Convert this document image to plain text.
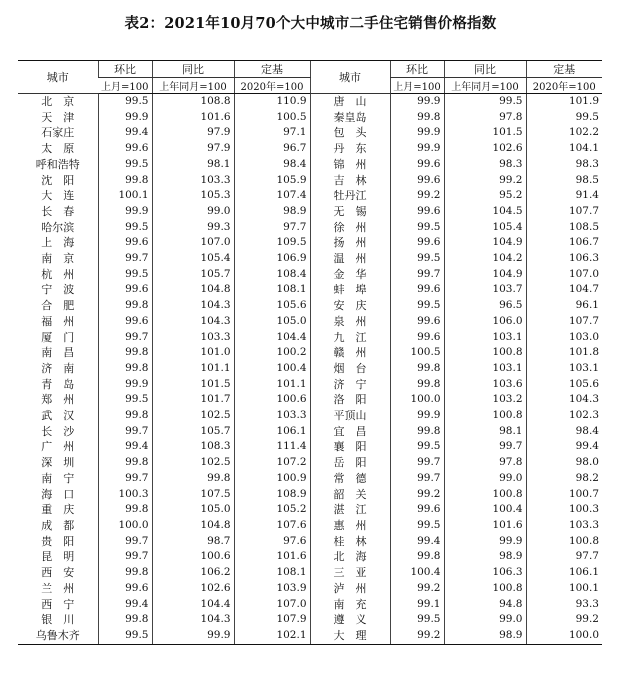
表2：2021年10月70个大中城市二手住宅销售价格指数
城市	环比	同比	定基	城市	环比	同比	定基
	上月=100	上年同月=100	2020年=100		上月=100	上年同月=100	2020年=100
北　京	99.5	108.8	110.9	唐　山	99.9	99.5	101.9
天　津	99.9	101.6	100.5	秦皇岛	99.8	97.8	99.5
石家庄	99.4	97.9	97.1	包　头	99.9	101.5	102.2
太　原	99.6	97.9	96.7	丹　东	99.9	102.6	104.1
呼和浩特	99.5	98.1	98.4	锦　州	99.6	98.3	98.3
沈　阳	99.8	103.3	105.9	吉　林	99.6	99.2	98.5
大　连	100.1	105.3	107.4	牡丹江	99.2	95.2	91.4
长　春	99.9	99.0	98.9	无　锡	99.6	104.5	107.7
哈尔滨	99.5	99.3	97.7	徐　州	99.5	105.4	108.5
上　海	99.6	107.0	109.5	扬　州	99.6	104.9	106.7
南　京	99.7	105.4	106.9	温　州	99.5	104.2	106.3
杭　州	99.5	105.7	108.4	金　华	99.7	104.9	107.0
宁　波	99.6	104.8	108.1	蚌　埠	99.6	103.7	104.7
合　肥	99.8	104.3	105.6	安　庆	99.5	96.5	96.1
福　州	99.6	104.3	105.0	泉　州	99.6	106.0	107.7
厦　门	99.7	103.3	104.4	九　江	99.6	103.1	103.0
南　昌	99.8	101.0	100.2	赣　州	100.5	100.8	101.8
济　南	99.8	101.1	100.4	烟　台	99.8	103.1	103.1
青　岛	99.9	101.5	101.1	济　宁	99.8	103.6	105.6
郑　州	99.5	101.7	100.6	洛　阳	100.0	103.2	104.3
武　汉	99.8	102.5	103.3	平顶山	99.9	100.8	102.3
长　沙	99.7	105.7	106.1	宜　昌	99.8	98.1	98.4
广　州	99.4	108.3	111.4	襄　阳	99.5	99.7	99.4
深　圳	99.8	102.5	107.2	岳　阳	99.7	97.8	98.0
南　宁	99.7	99.8	100.9	常　德	99.7	99.0	98.2
海　口	100.3	107.5	108.9	韶　关	99.2	100.8	100.7
重　庆	99.8	105.0	105.2	湛　江	99.6	100.4	100.3
成　都	100.0	104.8	107.6	惠　州	99.5	101.6	103.3
贵　阳	99.7	98.7	97.6	桂　林	99.4	99.9	100.8
昆　明	99.7	100.6	101.6	北　海	99.8	98.9	97.7
西　安	99.8	106.2	108.1	三　亚	100.4	106.3	106.1
兰　州	99.6	102.6	103.9	泸　州	99.2	100.8	100.1
西　宁	99.4	104.4	107.0	南　充	99.1	94.8	93.3
银　川	99.8	104.3	107.9	遵　义	99.5	99.0	99.2
乌鲁木齐	99.5	99.9	102.1	大　理	99.2	98.9	100.0
